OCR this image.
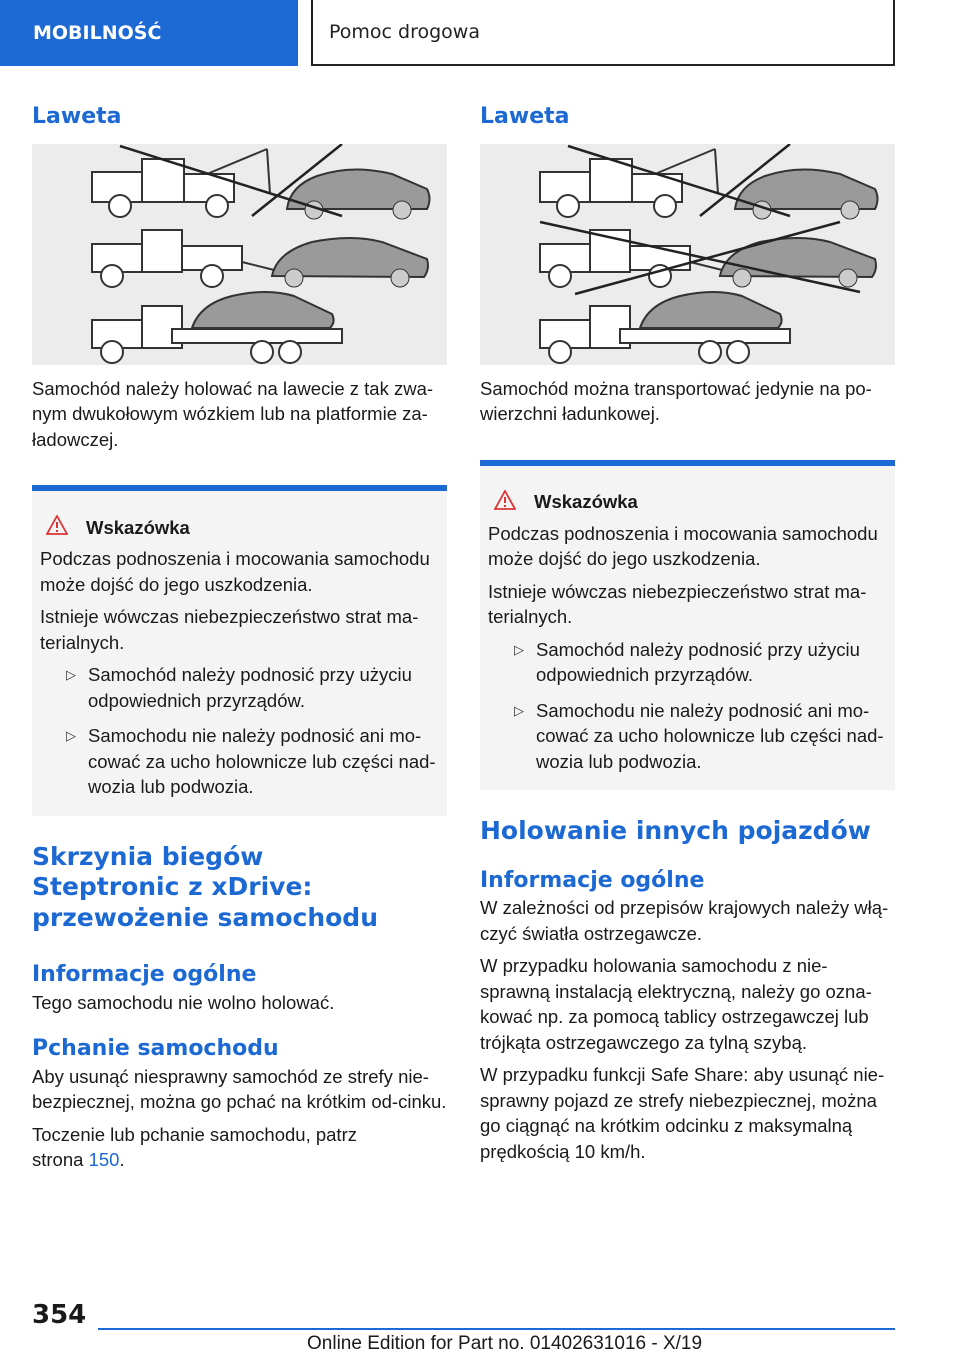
MOBILNOŚĆ	Pomoc drogowa
Laweta

Samochód należy holować na lawecie z tak zwa-
nym dwukołowym wózkiem lub na platformie za-
ładowczej.

Wskazówka

Podczas podnoszenia i mocowania samochodu może dojść do jego uszkodzenia.

Istnieje wówczas niebezpieczeństwo strat ma-terialnych.

▷ Samochód należy podnosić przy użyciu odpowiednich przyrządów.
▷ Samochodu nie należy podnosić ani mo-cować za ucho holownicze lub części nad-wozia lub podwozia.
Skrzynia biegów Steptronic z xDrive: przewożenie samochodu
Informacje ogólne

Tego samochodu nie wolno holować.

Pchanie samochodu

Aby usunąć niesprawny samochód ze strefy nie-bezpiecznej, można go pchać na krótkim od-cinku.

Toczenie lub pchanie samochodu, patrz
strona 150.

Laweta

Samochód można transportować jedynie na po-wierzchni ładunkowej.

Wskazówka

Podczas podnoszenia i mocowania samochodu może dojść do jego uszkodzenia.

Istnieje wówczas niebezpieczeństwo strat ma-terialnych.

▷ Samochód należy podnosić przy użyciu odpowiednich przyrządów.
▷ Samochodu nie należy podnosić ani mo-cować za ucho holownicze lub części nad-wozia lub podwozia.
Holowanie innych pojazdów
Informacje ogólne

W zależności od przepisów krajowych należy włą-czyć światła ostrzegawcze.

W przypadku holowania samochodu z nie-sprawną instalacją elektryczną, należy go ozna-kować np. za pomocą tablicy ostrzegawczej lub trójkąta ostrzegawczego za tylną szybą.

W przypadku funkcji Safe Share: aby usunąć nie-sprawny pojazd ze strefy niebezpiecznej, można go ciągnąć na krótkim odcinku z maksymalną prędkością 10 km/h.

354
Online Edition for Part no. 01402631016 - X/19
